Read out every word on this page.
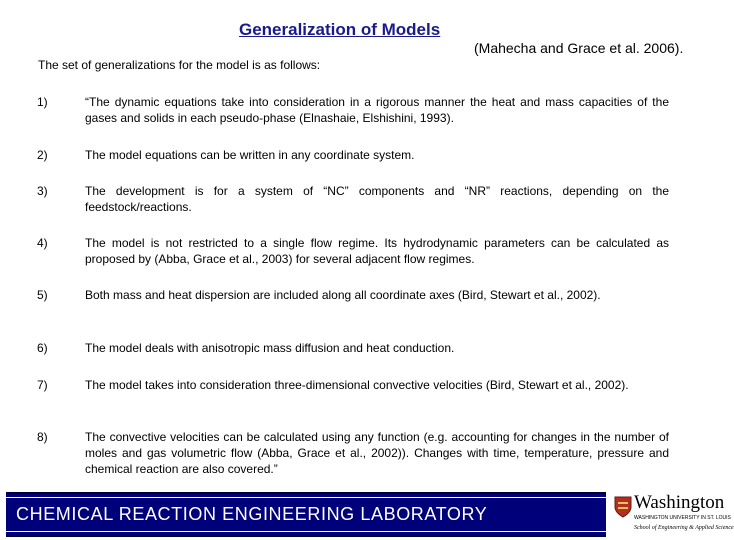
Generalization of Models
(Mahecha and Grace et al. 2006).
The set of generalizations for the model is as follows:
1)	“The dynamic equations take into consideration in a rigorous manner the heat and mass capacities of the gases and solids in each pseudo-phase (Elnashaie, Elshishini, 1993).
2)	The model equations can be written in any coordinate system.
3)	The development is for a system of “NC” components and “NR” reactions, depending on the feedstock/reactions.
4)	The model is not restricted to a single flow regime. Its hydrodynamic parameters can be calculated as proposed by (Abba, Grace et al., 2003) for several adjacent flow regimes.
5)	Both mass and heat dispersion are included along all coordinate axes (Bird, Stewart et al., 2002).
6)	The model deals with anisotropic mass diffusion and heat conduction.
7)	The model takes into consideration three-dimensional convective velocities (Bird, Stewart et al., 2002).
8)	The convective velocities can be calculated using any function (e.g. accounting for changes in the number of moles and gas volumetric flow (Abba, Grace et al., 2002)). Changes with time, temperature, pressure and chemical reaction are also covered.”
CHEMICAL REACTION ENGINEERING LABORATORY
Washington
WASHINGTON UNIVERSITY IN ST. LOUIS
School of Engineering & Applied Science
